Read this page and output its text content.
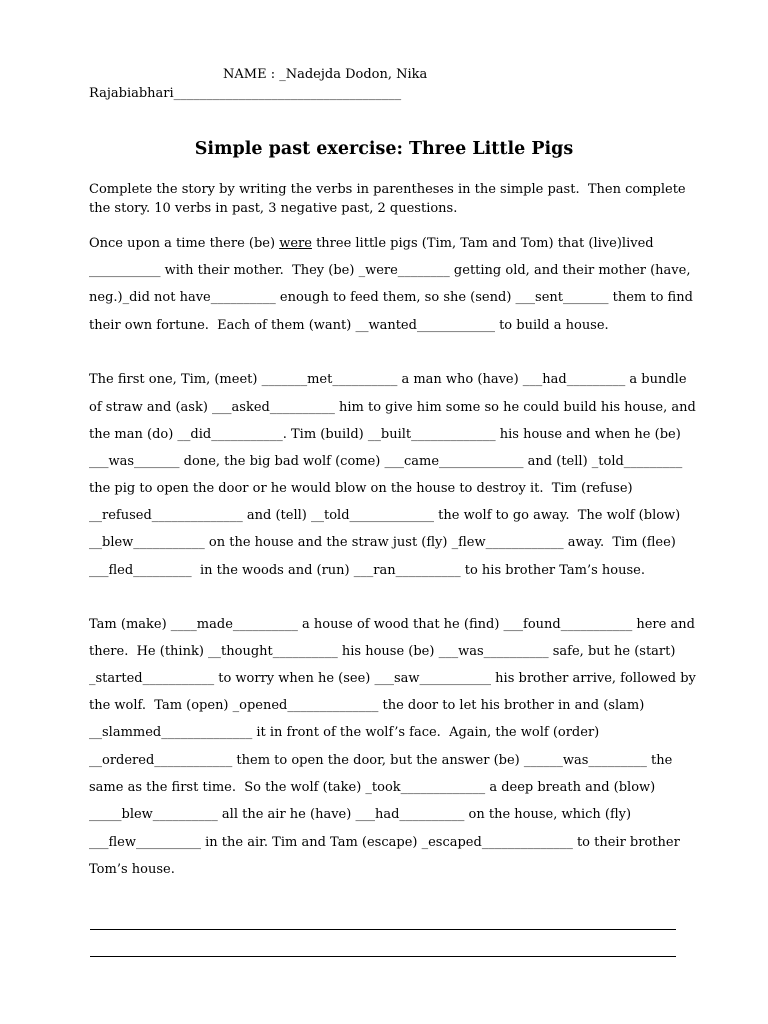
NAME : _Nadejda Dodon, Nika
Rajabiabhari___________________________________
Simple past exercise: Three Little Pigs
Complete the story by writing the verbs in parentheses in the simple past.  Then complete
the story. 10 verbs in past, 3 negative past, 2 questions.
Once upon a time there (be) were three little pigs (Tim, Tam and Tom) that (live)lived
___________ with their mother.  They (be) _were________ getting old, and their mother (have,
neg.)_did not have__________ enough to feed them, so she (send) ___sent_______ them to find
their own fortune.  Each of them (want) __wanted____________ to build a house.
The first one, Tim, (meet) _______met__________ a man who (have) ___had_________ a bundle
of straw and (ask) ___asked__________ him to give him some so he could build his house, and
the man (do) __did___________. Tim (build) __built_____________ his house and when he (be)
___was_______ done, the big bad wolf (come) ___came_____________ and (tell) _told_________
the pig to open the door or he would blow on the house to destroy it.  Tim (refuse)
__refused______________ and (tell) __told_____________ the wolf to go away.  The wolf (blow)
__blew___________ on the house and the straw just (fly) _flew____________ away.  Tim (flee)
___fled_________  in the woods and (run) ___ran__________ to his brother Tam’s house.
Tam (make) ____made__________ a house of wood that he (find) ___found___________ here and
there.  He (think) __thought__________ his house (be) ___was__________ safe, but he (start)
_started___________ to worry when he (see) ___saw___________ his brother arrive, followed by
the wolf.  Tam (open) _opened______________ the door to let his brother in and (slam)
__slammed______________ it in front of the wolf’s face.  Again, the wolf (order)
__ordered____________ them to open the door, but the answer (be) ______was_________ the
same as the first time.  So the wolf (take) _took_____________ a deep breath and (blow)
_____blew__________ all the air he (have) ___had__________ on the house, which (fly)
___flew__________ in the air. Tim and Tam (escape) _escaped______________ to their brother
Tom’s house.
